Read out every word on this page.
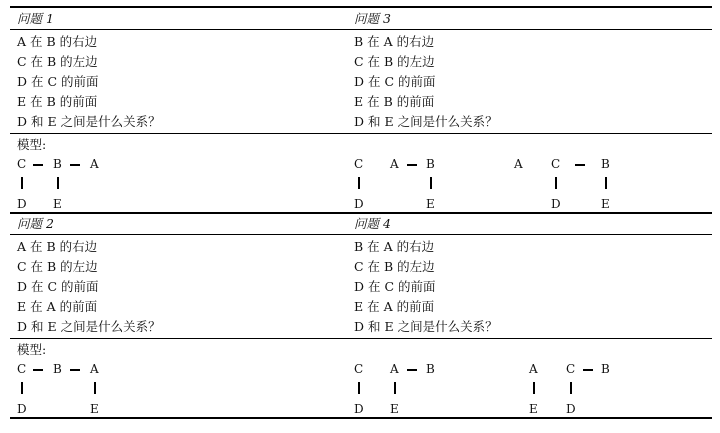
问题 1
A 在 B 的右边
C 在 B 的左边
D 在 C 的前面
E 在 B 的前面
D 和 E 之间是什么关系？
问题 3
B 在 A 的右边
C 在 B 的左边
D 在 C 的前面
E 在 B 的前面
D 和 E 之间是什么关系？
模型:
C B A
D E
C A B
D	E
A C	B
D	E
问题 2
A 在 B 的右边
C 在 B 的左边
D 在 C 的前面
E 在 A 的前面
D 和 E 之间是什么关系？
问题 4
B 在 A 的右边
C 在 B 的左边
D 在 C 的前面
E 在 A 的前面
D 和 E 之间是什么关系？
模型:
C B A
D	E
C A B
D E
A C B
E D
